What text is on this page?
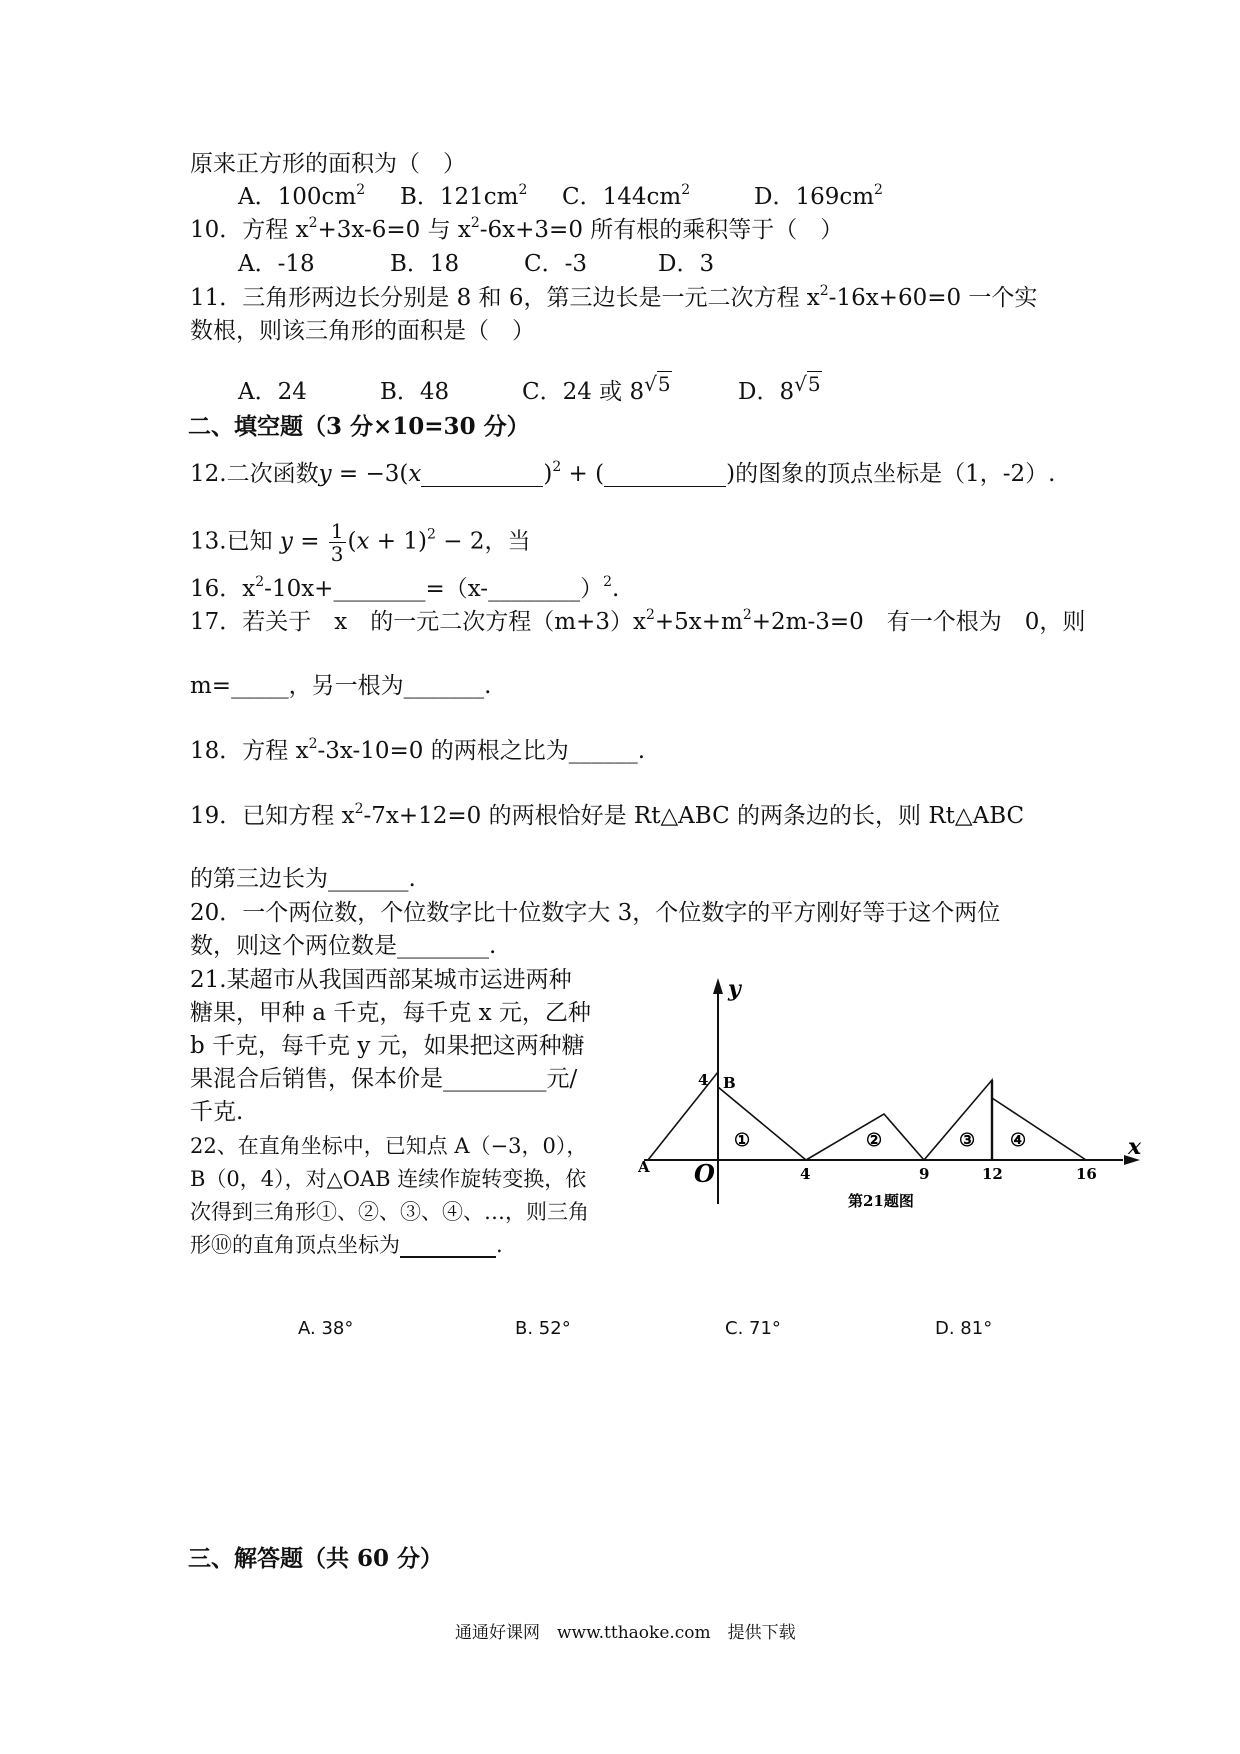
原来正方形的面积为（　）
A．$100cm^2$ B．$121cm^2$ C．$144cm^2$	D．$169cm^2$
10．方程 $x^2+3x-6=0$ 与 $x^2-6x+3=0$ 所有根的乘积等于（　）
A．-18	B．18	C．-3	D．3
11．三角形两边长分别是 8 和 6，第三边长是一元二次方程 $x^2-16x+60=0$ 一个实
数根，则该三角形的面积是（　）
A．24	B．48	C．24 或 8√5	D．8√5
二、填空题（3 分×10=30 分）
12.二次函数y = −3(x	)$^2$ + (	)的图象的顶点坐标是（1，-2）.
13.已知 $y = \frac{1}{3} (x + 1)^2 - 2$，当
16．$x^2-10x+\_\_\_\_\_\_\_\_=(x-\_\_\_\_\_\_\_\_)^2$.
17．若关于　x　的一元二次方程$(m+3)x^2+5x+m^2+2m-3=0$　有一个根为　0，则
m=_____，另一根为_______.
18．方程 $x^2-3x-10=0$ 的两根之比为______.
19．已知方程 $x^2-7x+12=0$ 的两根恰好是 Rt△ABC 的两条边的长，则 Rt△ABC
的第三边长为_______.
20．一个两位数，个位数字比十位数字大 3，个位数字的平方刚好等于这个两位
数，则这个两位数是________.
21.某超市从我国西部某城市运进两种
糖果，甲种 a 千克，每千克 x 元，乙种
b 千克，每千克 y 元，如果把这两种糖
果混合后销售，保本价是_________元/
千克.
22、在直角坐标中，已知点 A（−3，0），
B（0，4），对△OAB 连续作旋转变换，依
次得到三角形①、②、③、④、…，则三角
形⑩的直角顶点坐标为	.
y
x
4 B
A O	4	9	12	16
①	②	③ ④
第21题图
A. 38°	B. 52°	C. 71°	D. 81°
三、解答题（共 60 分）
通通好课网　www.tthaoke.com　提供下载
